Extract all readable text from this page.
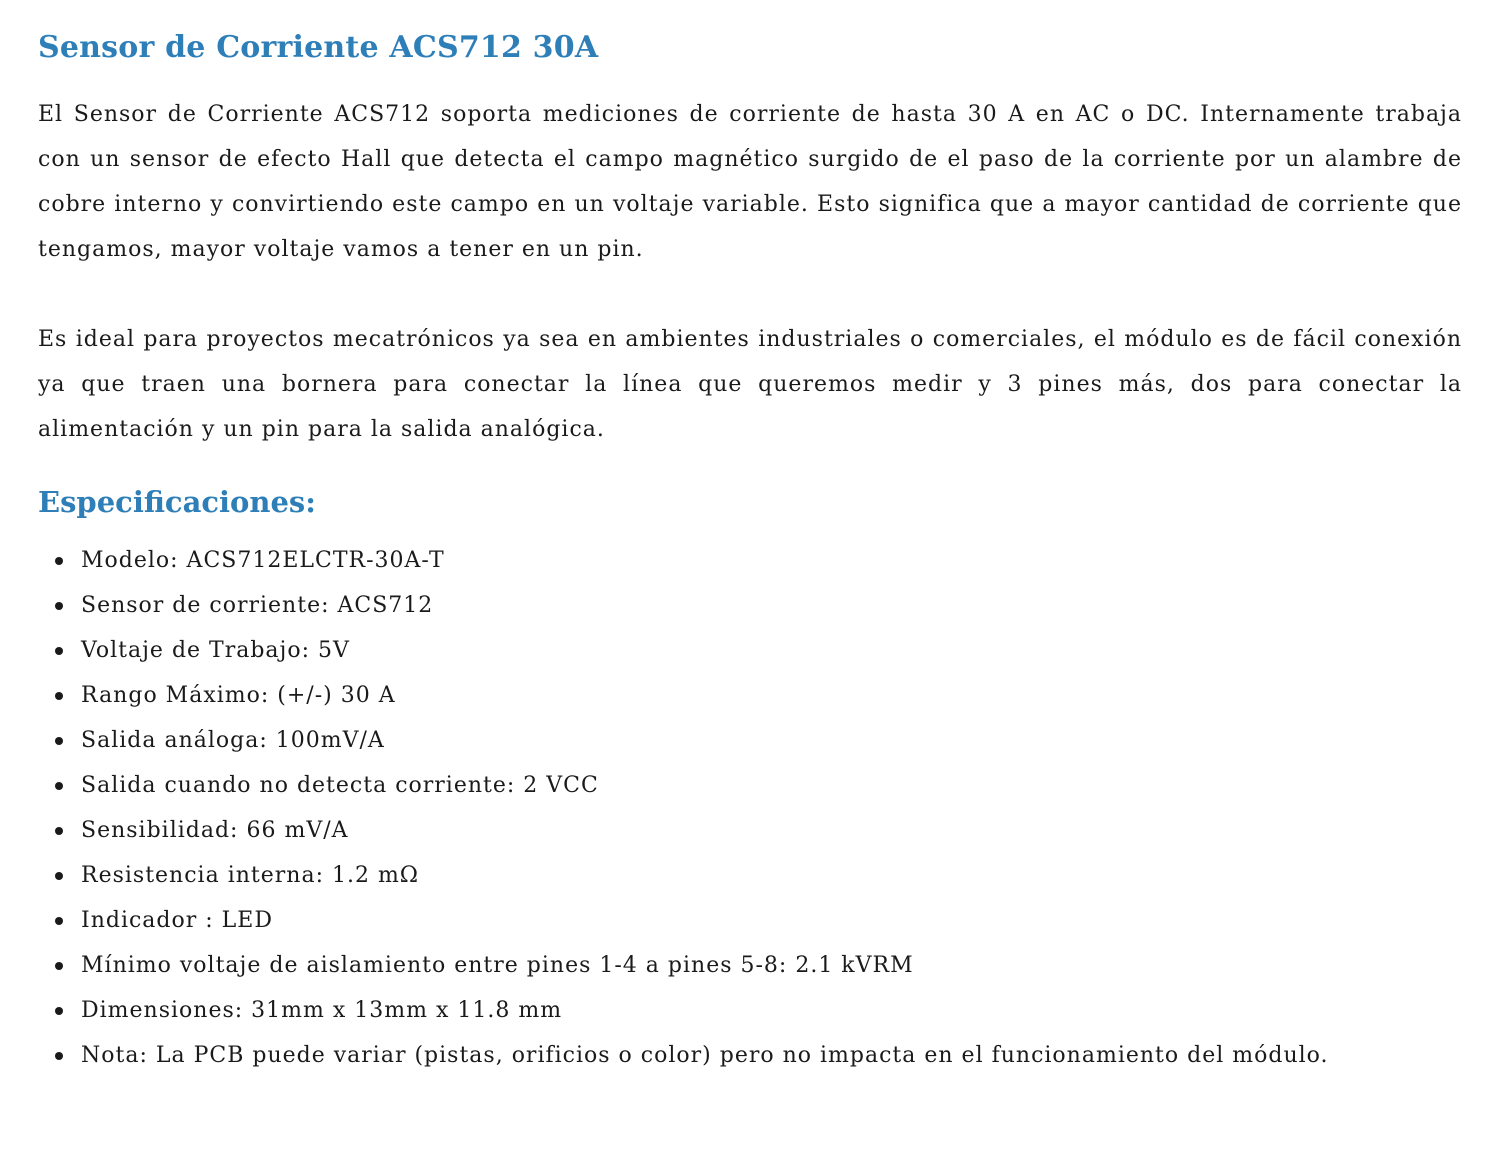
Sensor de Corriente ACS712 30A

El Sensor de Corriente ACS712 soporta mediciones de corriente de hasta 30 A en AC o DC. Internamente trabaja con un sensor de efecto Hall que detecta el campo magnético surgido de el paso de la corriente por un alambre de cobre interno y convirtiendo este campo en un voltaje variable. Esto significa que a mayor cantidad de corriente que tengamos, mayor voltaje vamos a tener en un pin.

Es ideal para proyectos mecatrónicos ya sea en ambientes industriales o comerciales, el módulo es de fácil conexión ya que traen una bornera para conectar la línea que queremos medir y 3 pines más, dos para conectar la alimentación y un pin para la salida analógica.

Especificaciones:
Modelo: ACS712ELCTR-30A-T
Sensor de corriente: ACS712
Voltaje de Trabajo: 5V
Rango Máximo: (+/-) 30 A
Salida análoga: 100mV/A
Salida cuando no detecta corriente: 2 VCC
Sensibilidad: 66 mV/A
Resistencia interna: 1.2 mΩ
Indicador : LED
Mínimo voltaje de aislamiento entre pines 1-4 a pines 5-8: 2.1 kVRM
Dimensiones: 31mm x 13mm x 11.8 mm
Nota: La PCB puede variar (pistas, orificios o color) pero no impacta en el funcionamiento del módulo.
